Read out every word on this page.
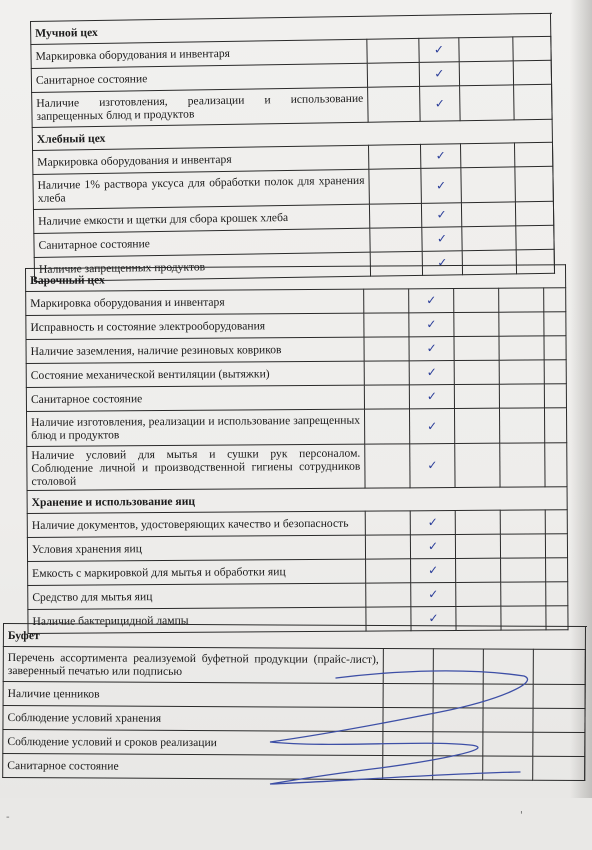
Мучной цех					
Маркировка оборудования и инвентаря		✓			
Санитарное состояние		✓			
Наличие изготовления, реализации и использование запрещенных блюд и продуктов		✓			
Хлебный цех					
Маркировка оборудования и инвентаря		✓			
Наличие 1% раствора уксуса для обработки полок для хранения хлеба		✓			
Наличие емкости и щетки для сбора крошек хлеба		✓			
Санитарное состояние		✓			
Наличие запрещенных продуктов		✓			
Варочный цех					
Маркировка оборудования и инвентаря		✓			
Исправность и состояние электрооборудования		✓			
Наличие заземления, наличие резиновых ковриков		✓			
Состояние механической вентиляции (вытяжки)		✓			
Санитарное состояние		✓			
Наличие изготовления, реализации и использование запрещенных блюд и продуктов		✓			
Наличие условий для мытья и сушки рук персоналом. Соблюдение личной и производственной гигиены сотрудников столовой		✓			
Хранение и использование яиц					
Наличие документов, удостоверяющих качество и безопасность		✓			
Условия хранения яиц		✓			
Емкость с маркировкой для мытья и обработки яиц		✓			
Средство для мытья яиц		✓			
Наличие бактерицидной лампы		✓			
Буфет					
Перечень ассортимента реализуемой буфетной продукции (прайс-лист), заверенный печатью или подписью					
Наличие ценников					
Соблюдение условий хранения					
Соблюдение условий и сроков реализации					
Санитарное состояние					
-	'
